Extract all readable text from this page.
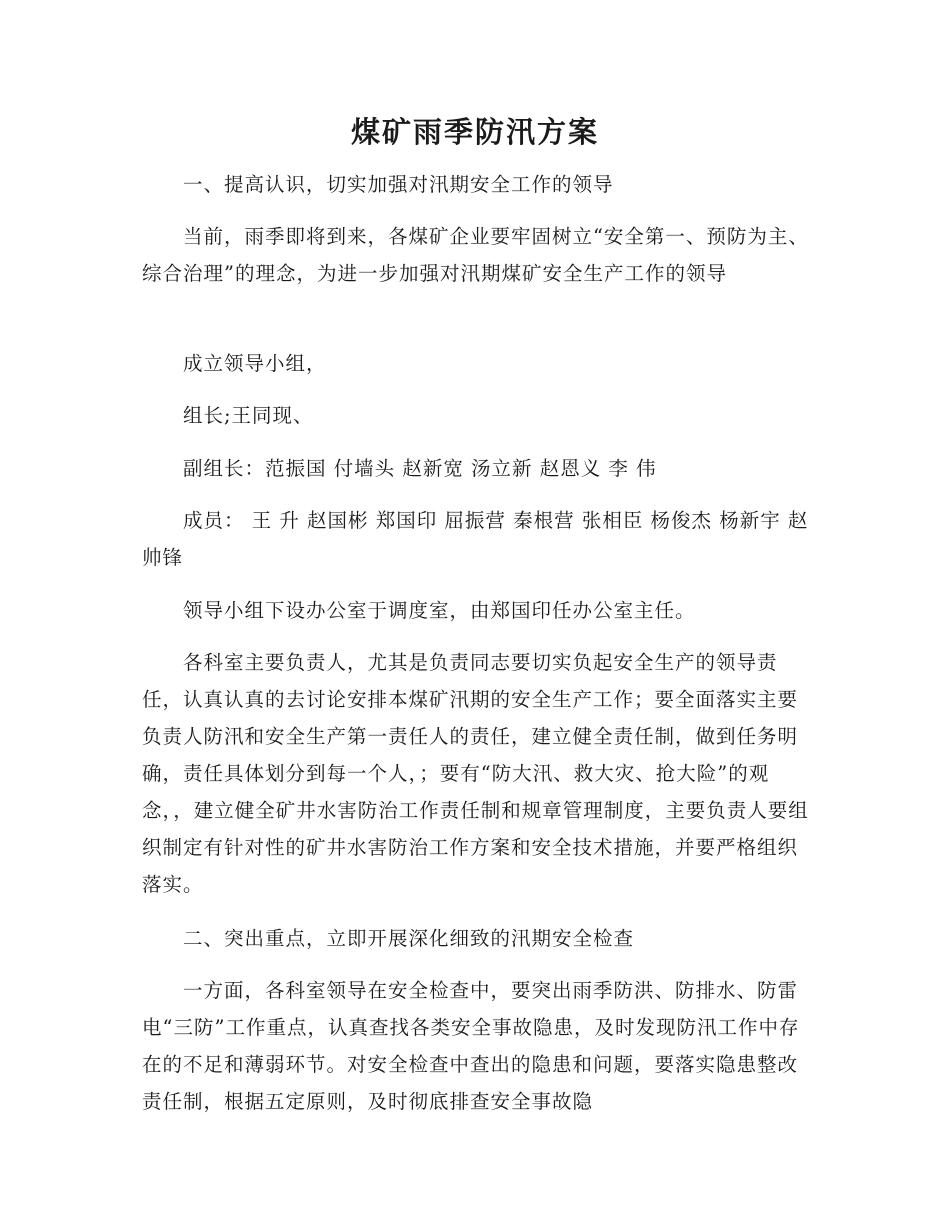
煤矿雨季防汛方案

一、提高认识，切实加强对汛期安全工作的领导

当前，雨季即将到来，各煤矿企业要牢固树立“安全第一、预防为主、综合治理”的理念，为进一步加强对汛期煤矿安全生产工作的领导

成立领导小组，

组长;王同现、

副组长：范振国 付墙头 赵新宽 汤立新 赵恩义 李 伟

成员： 王 升 赵国彬 郑国印 屈振营 秦根营 张相臣 杨俊杰 杨新宇 赵帅锋

领导小组下设办公室于调度室，由郑国印任办公室主任。

各科室主要负责人，尤其是负责同志要切实负起安全生产的领导责任，认真认真的去讨论安排本煤矿汛期的安全生产工作；要全面落实主要负责人防汛和安全生产第一责任人的责任，建立健全责任制，做到任务明确，责任具体划分到每一个人，；要有“防大汛、救大灾、抢大险”的观念，，建立健全矿井水害防治工作责任制和规章管理制度，主要负责人要组织制定有针对性的矿井水害防治工作方案和安全技术措施，并要严格组织落实。

二、突出重点，立即开展深化细致的汛期安全检查

一方面，各科室领导在安全检查中，要突出雨季防洪、防排水、防雷电“三防”工作重点，认真查找各类安全事故隐患，及时发现防汛工作中存在的不足和薄弱环节。对安全检查中查出的隐患和问题，要落实隐患整改责任制，根据五定原则，及时彻底排查安全事故隐
